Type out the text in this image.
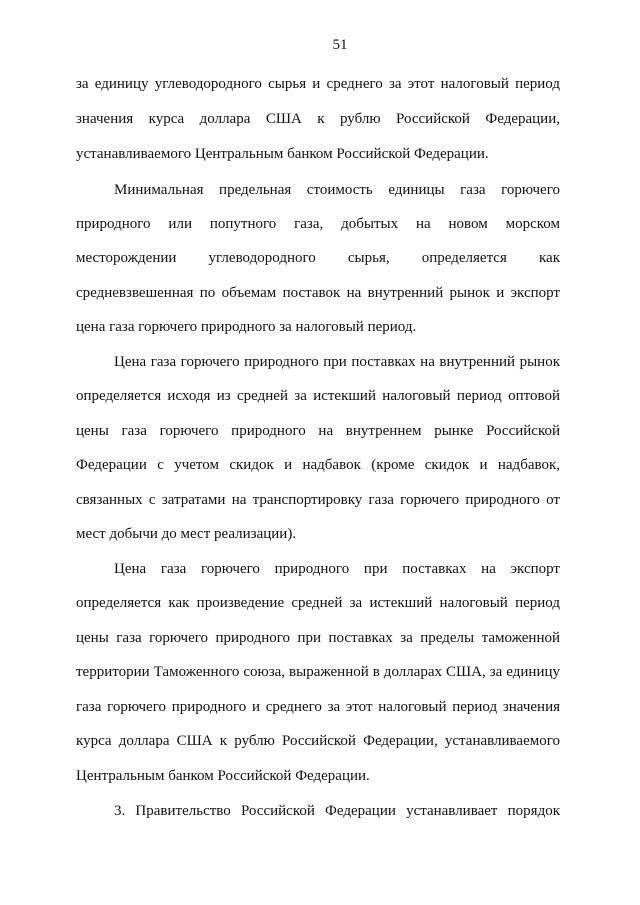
51
за единицу углеводородного сырья и среднего за этот налоговый период
значения курса доллара США к рублю Российской Федерации,
устанавливаемого Центральным банком Российской Федерации.
Минимальная предельная стоимость единицы газа горючего
природного или попутного газа, добытых на новом морском
месторождении углеводородного сырья, определяется как
средневзвешенная по объемам поставок на внутренний рынок и экспорт
цена газа горючего природного за налоговый период.
Цена газа горючего природного при поставках на внутренний рынок
определяется исходя из средней за истекший налоговый период оптовой
цены газа горючего природного на внутреннем рынке Российской
Федерации с учетом скидок и надбавок (кроме скидок и надбавок,
связанных с затратами на транспортировку газа горючего природного от
мест добычи до мест реализации).
Цена газа горючего природного при поставках на экспорт
определяется как произведение средней за истекший налоговый период
цены газа горючего природного при поставках за пределы таможенной
территории Таможенного союза, выраженной в долларах США, за единицу
газа горючего природного и среднего за этот налоговый период значения
курса доллара США к рублю Российской Федерации, устанавливаемого
Центральным банком Российской Федерации.
3. Правительство Российской Федерации устанавливает порядок
